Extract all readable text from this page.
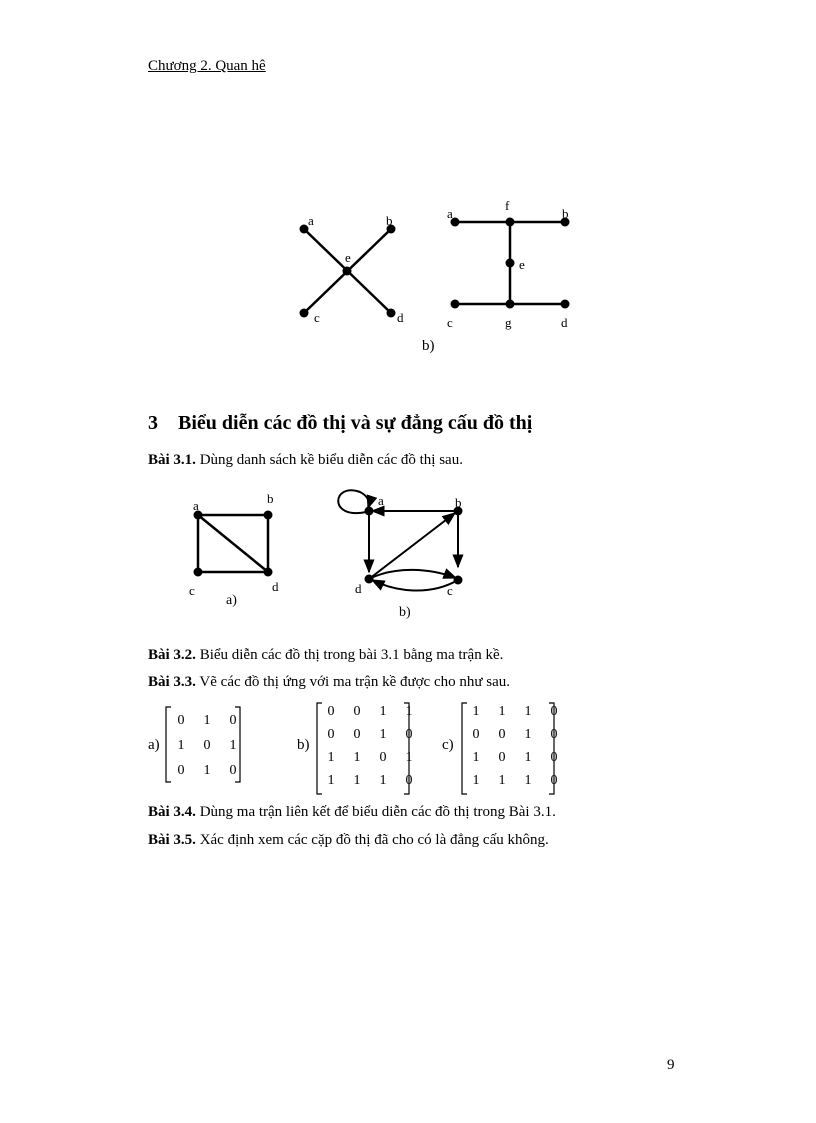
Chương 2. Quan hê
a	b
e
c	d
a
f
b
e
c	g	d
b)
3 Biểu diễn các đồ thị và sự đẳng cấu đồ thị
Bài 3.1. Dùng danh sách kề biểu diễn các đồ thị sau.
a	b
c	d
a)
a	b
d	c
b)
Bài 3.2. Biểu diễn các đồ thị trong bài 3.1 bằng ma trận kề.
Bài 3.3. Vẽ các đồ thị ứng với ma trận kề được cho như sau.
a)
0	1	0
1	0	1
0	1	0
b)
0	0	1	1
0	0	1	0
1	1	0	1
1	1	1	0
c)
1	1	1	0
0	0	1	0
1	0	1	0
1	1	1	0
Bài 3.4. Dùng ma trận liên kết để biểu diễn các đồ thị trong Bài 3.1.
Bài 3.5. Xác định xem các cặp đồ thị đã cho có là đẳng cấu không.
9
